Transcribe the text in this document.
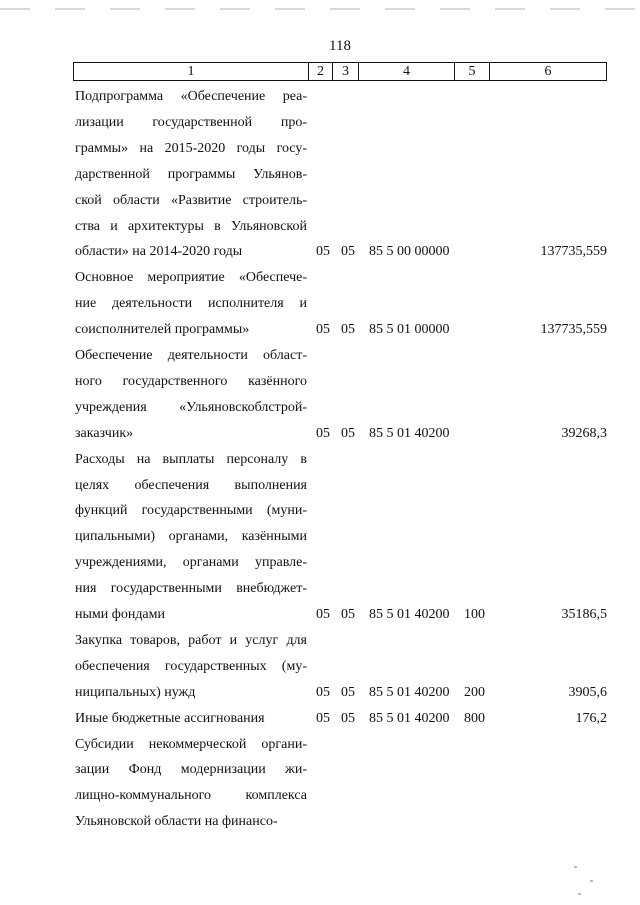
118
1	2	3	4	5	6
Подпрограмма «Обеспечение реа-
лизации государственной про-
граммы» на 2015-2020 годы госу-
дарственной программы Ульянов-
ской области «Развитие строитель-
ства и архитектуры в Ульяновской
области» на 2014-2020 годы	05 05 85 5 00 00000	137735,559
Основное мероприятие «Обеспече-
ние деятельности исполнителя и
соисполнителей программы»	05 05 85 5 01 00000	137735,559
Обеспечение деятельности област-
ного государственного казённого
учреждения «Ульяновскоблстрой-
заказчик»	05 05 85 5 01 40200	39268,3
Расходы на выплаты персоналу в
целях обеспечения выполнения
функций государственными (муни-
ципальными) органами, казёнными
учреждениями, органами управле-
ния государственными внебюджет-
ными фондами	05 05 85 5 01 40200 100	35186,5
Закупка товаров, работ и услуг для
обеспечения государственных (му-
ниципальных) нужд	05 05 85 5 01 40200 200	3905,6
Иные бюджетные ассигнования	05 05 85 5 01 40200 800	176,2
Субсидии некоммерческой органи-
зации Фонд модернизации жи-
лищно-коммунального комплекса
Ульяновской области на финансо-
